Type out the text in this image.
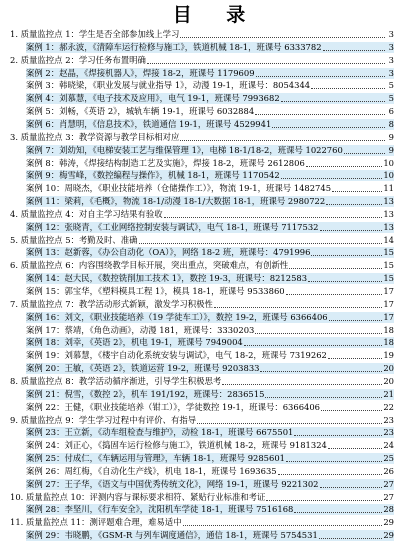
目 录
1. 质量监控点 1：学生是否全部参加线上学习	3
案例 1：郝永波，《清障车运行检修与施工》，铁道机械 18-1，班课号 6333782	3
2. 质量监控点 2：学习任务布置明确	3
案例 2：赵晶，《焊接机器人》，焊接 18-2，班课号 1179609	3
案例 3：韩晓梁，《职业发展与就业指导 1》，动漫 19-1，班课号：8054344	5
案例 4：刘慕慧，《电子技术及应用》，电气 19-1，班课号 7993682	5
案例 5：刘畅，《英语 2》，城轨车辆 19-1，班课号 6032884	6
案例 6：肖慧明，《信息技术》，铁道通信 19-1，班课号 4529941	8
3. 质量监控点 3：教学资源与教学目标相对应	9
案例 7：刘幼知，《电梯安装工艺与维保管理 1》，电梯 18-1/18-2，班课号 1022760	9
案例 8：韩涛，《焊接结构制造工艺及实施》，焊接 18-2，班课号 2612806	10
案例 9：梅雪峰，《数控编程与操作》，机械 18-1，班课号 1170542	10
案例 10：周晓杰，《职业技能培养（仓储操作工）》，物流 19-1，班课号 1482745	11
案例 11：梁莉，《毛概》，物流 18-1/动漫 18-1/大数据 18-1，班课号 2980722	13
4. 质量监控点 4：对自主学习结果有验收	13
案例 12：张晓青，《工业网络控制安装与调试》，电气 18-1，班课号 7117532	13
5. 质量监控点 5：考勤及时、准确	14
案例 13：赵新蓉，《办公自动化（OA）》，网络 18-2 班，班课号：4791996	15
6. 质量监控点 6：内容围绕教学目标开展，突出重点，突破难点，有创新性	15
案例 14：赵大民，《数控铣削加工技术 1》，数控 19-3，班课号：8212583	15
案例 15：郭宝华，《塑料模具工程 1》，模具 18-1，班课号 9533860	17
7. 质量监控点 7：教学活动形式新颖，激发学习积极性	17
案例 16：刘文，《职业技能培养（19 学徒车工）》，数控 19-2，班课号 6366406	17
案例 17：蔡靖，《角色动画》，动漫 181，班课号：3330203	18
案例 18：刘幸，《英语 2》，机电 19-1，班课号 7949004	18
案例 19：刘慕慧，《楼宇自动化系统安装与调试》，电气 18-2，班课号 7319262	19
案例 20：王敏，《英语 2》，铁道运营 19-2，班课号 9203833	20
8. 质量监控点 8：教学活动循序渐进，引导学生积极思考	20
案例 21：倪雪，《数控 2》，机车 191/192，班课号：2836515	21
案例 22：王健，《职业技能培养（钳工）》，学徒数控 19-1，班课号：6366406	22
9. 质量监控点 9：学生学习过程中有评价、有指导	23
案例 23：王立新，《动车组检查与维护》，动检 18-1，班课号 6675501	23
案例 24：刘正心，《捣固车运行检修与施工》，铁道机械 18-2，班课号 9181324	24
案例 25：付成仁，《车辆运用与管理》，车辆 18-1，班课号 9285601	25
案例 26：周红梅，《自动化生产线》，机电 18-1，班课号 1693635	26
案例 27：王子华，《语文与中国优秀传统文化》，网络 19-1，班课号 9221302	27
10. 质量监控点 10：评测内容与课标要求相符、紧贴行业标准和考证	27
案例 28：李坚川，《行车安全》，沈阳机车学徒 18-1，班课号 7516168	28
11. 质量监控点 11：测评题难合理，难易适中	29
案例 29：韦晓鹏，《GSM-R 与列车调度通信》，通信 18-1，班课号 5754531	29
